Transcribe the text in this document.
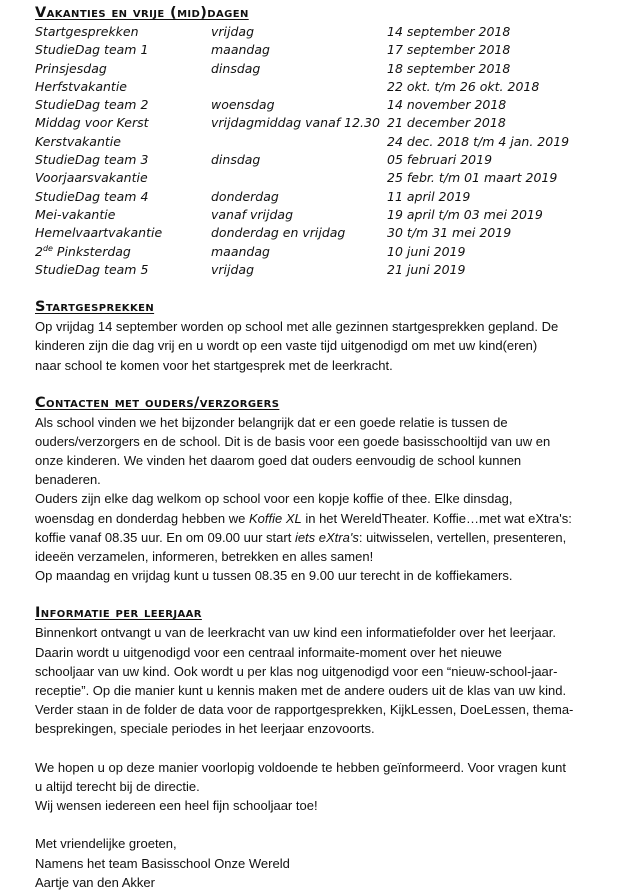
Vakanties en vrije (mid)dagen
Startgesprekken	vrijdag	14 september 2018
StudieDag team 1	maandag	17 september 2018
Prinsjesdag	dinsdag	18 september 2018
Herfstvakantie		22 okt. t/m 26 okt. 2018
StudieDag team 2	woensdag	14 november 2018
Middag voor Kerst	vrijdagmiddag vanaf 12.30	21 december 2018
Kerstvakantie		24 dec. 2018 t/m 4 jan. 2019
StudieDag team 3	dinsdag	05 februari 2019
Voorjaarsvakantie		25 febr. t/m 01 maart 2019
StudieDag team 4	donderdag	11 april 2019
Mei-vakantie	vanaf vrijdag	19 april t/m 03 mei 2019
Hemelvaartvakantie	donderdag en vrijdag	30 t/m 31 mei 2019
2de Pinksterdag	maandag	10 juni 2019
StudieDag team 5	vrijdag	21 juni 2019
Startgesprekken

Op vrijdag 14 september worden op school met alle gezinnen startgesprekken gepland. De
kinderen zijn die dag vrij en u wordt op een vaste tijd uitgenodigd om met uw kind(eren)
naar school te komen voor het startgesprek met de leerkracht.

Contacten met ouders/verzorgers

Als school vinden we het bijzonder belangrijk dat er een goede relatie is tussen de
ouders/verzorgers en de school. Dit is de basis voor een goede basisschooltijd van uw en
onze kinderen. We vinden het daarom goed dat ouders eenvoudig de school kunnen
benaderen.
Ouders zijn elke dag welkom op school voor een kopje koffie of thee. Elke dinsdag,
woensdag en donderdag hebben we Koffie XL in het WereldTheater. Koffie…met wat eXtra's:
koffie vanaf 08.35 uur. En om 09.00 uur start iets eXtra's: uitwisselen, vertellen, presenteren,
ideeën verzamelen, informeren, betrekken en alles samen!
Op maandag en vrijdag kunt u tussen 08.35 en 9.00 uur terecht in de koffiekamers.

Informatie per leerjaar

Binnenkort ontvangt u van de leerkracht van uw kind een informatiefolder over het leerjaar.
Daarin wordt u uitgenodigd voor een centraal informaite-moment over het nieuwe
schooljaar van uw kind. Ook wordt u per klas nog uitgenodigd voor een “nieuw-school-jaar-
receptie”. Op die manier kunt u kennis maken met de andere ouders uit de klas van uw kind.
Verder staan in de folder de data voor de rapportgesprekken, KijkLessen, DoeLessen, thema-
besprekingen, speciale periodes in het leerjaar enzovoorts.

We hopen u op deze manier voorlopig voldoende te hebben geïnformeerd. Voor vragen kunt
u altijd terecht bij de directie.
Wij wensen iedereen een heel fijn schooljaar toe!

Met vriendelijke groeten,
Namens het team Basisschool Onze Wereld
Aartje van den Akker
